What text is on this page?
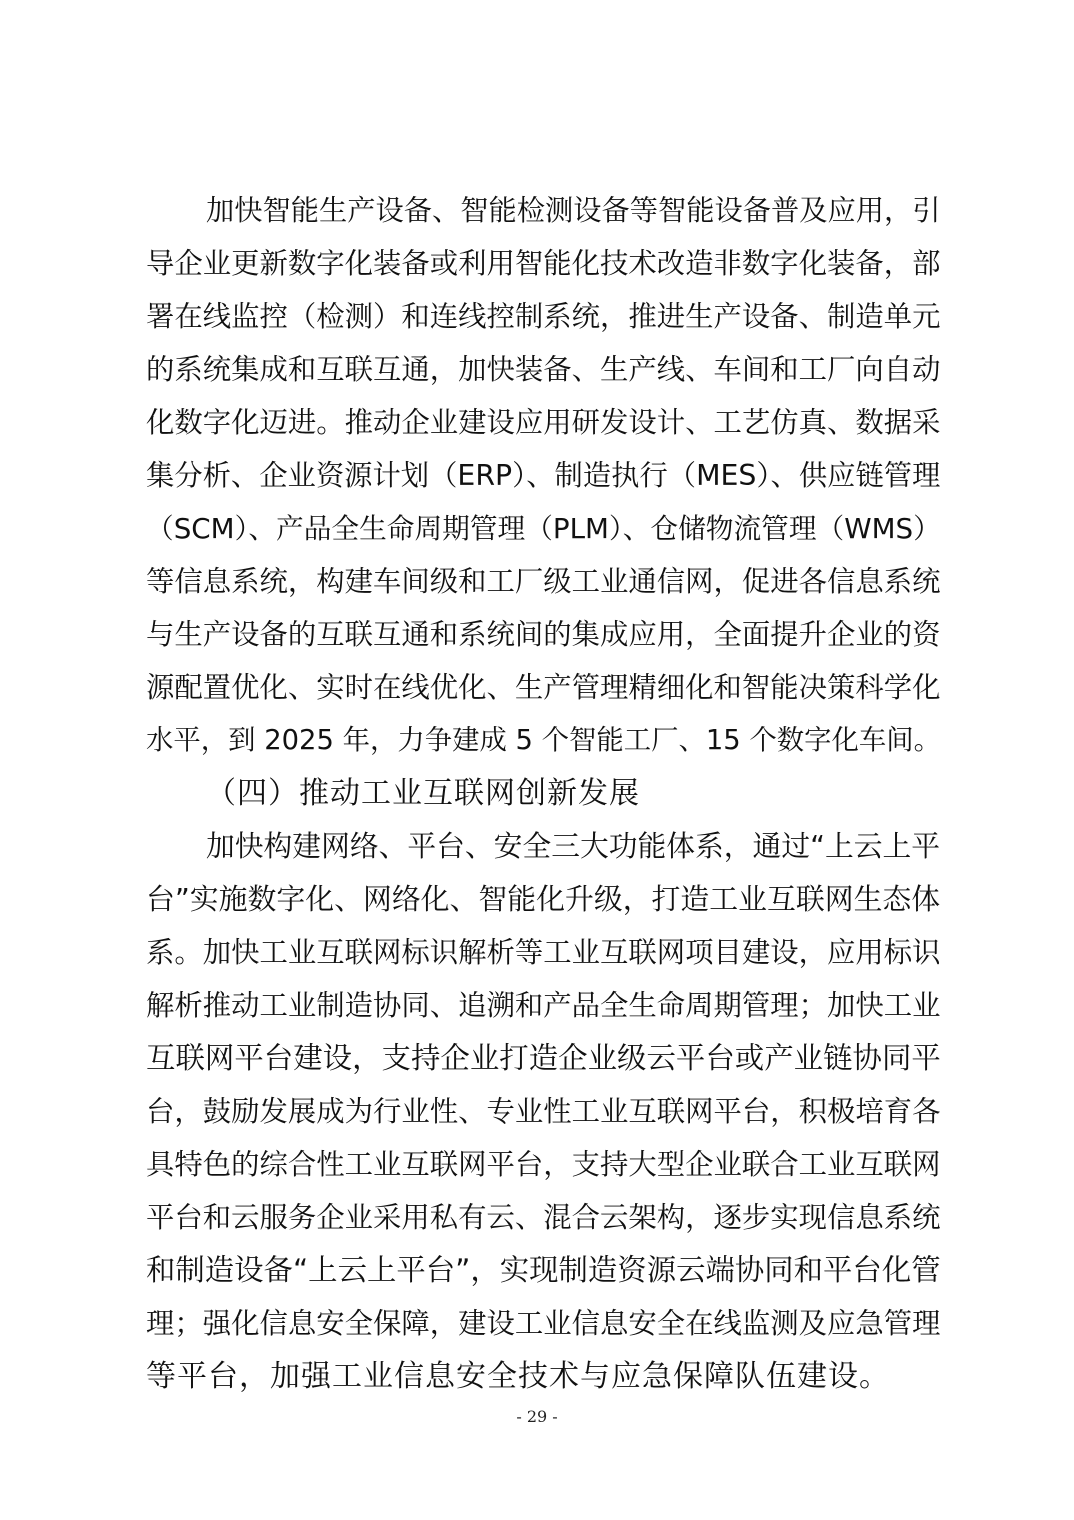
加快智能生产设备、智能检测设备等智能设备普及应用，引
导企业更新数字化装备或利用智能化技术改造非数字化装备，部
署在线监控（检测）和连线控制系统，推进生产设备、制造单元
的系统集成和互联互通，加快装备、生产线、车间和工厂向自动
化数字化迈进。推动企业建设应用研发设计、工艺仿真、数据采
集分析、企业资源计划（ERP）、制造执行（MES）、供应链管理
（SCM）、产品全生命周期管理（PLM）、仓储物流管理（WMS）
等信息系统，构建车间级和工厂级工业通信网，促进各信息系统
与生产设备的互联互通和系统间的集成应用，全面提升企业的资
源配置优化、实时在线优化、生产管理精细化和智能决策科学化
水平，到 2025 年，力争建成 5 个智能工厂、15 个数字化车间。
（四）推动工业互联网创新发展
加快构建网络、平台、安全三大功能体系，通过“上云上平
台”实施数字化、网络化、智能化升级，打造工业互联网生态体
系。加快工业互联网标识解析等工业互联网项目建设，应用标识
解析推动工业制造协同、追溯和产品全生命周期管理；加快工业
互联网平台建设，支持企业打造企业级云平台或产业链协同平
台，鼓励发展成为行业性、专业性工业互联网平台，积极培育各
具特色的综合性工业互联网平台，支持大型企业联合工业互联网
平台和云服务企业采用私有云、混合云架构，逐步实现信息系统
和制造设备“上云上平台”，实现制造资源云端协同和平台化管
理；强化信息安全保障，建设工业信息安全在线监测及应急管理
等平台，加强工业信息安全技术与应急保障队伍建设。
- 29 -
